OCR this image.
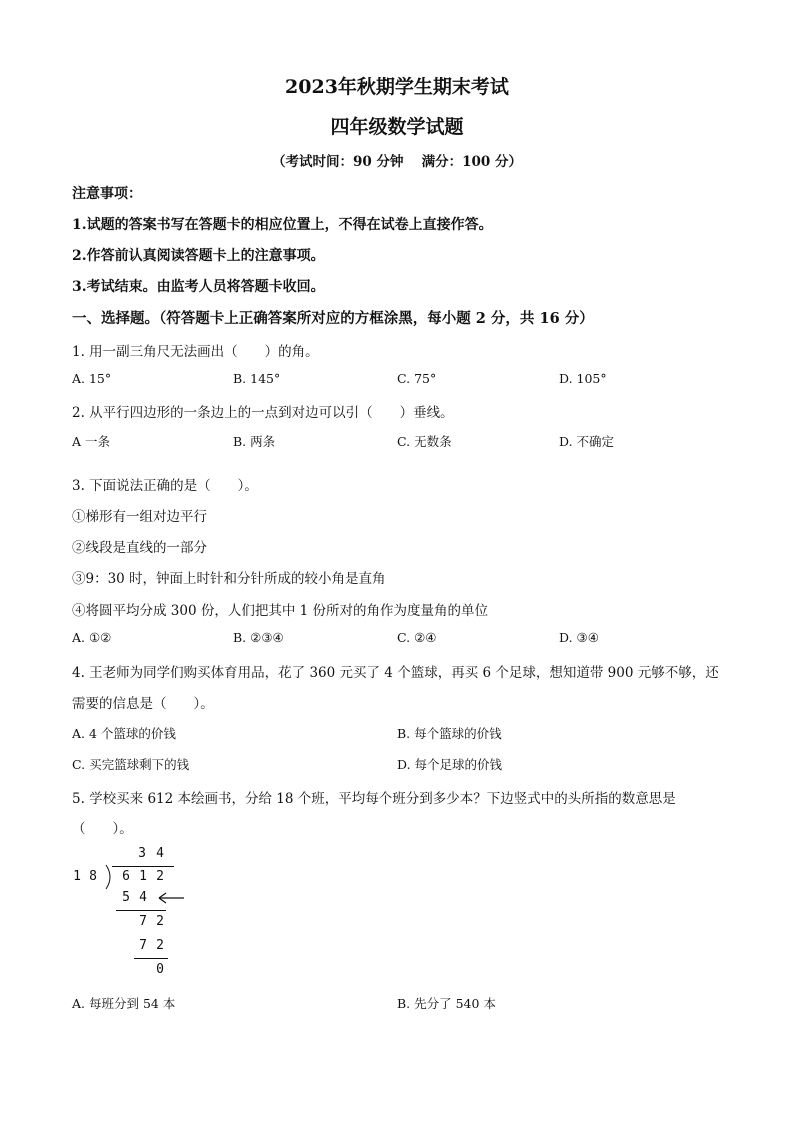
2023年秋期学生期末考试
四年级数学试题
（考试时间：90 分钟　 满分：100 分）
注意事项：
1.试题的答案书写在答题卡的相应位置上，不得在试卷上直接作答。
2.作答前认真阅读答题卡上的注意事项。
3.考试结束。由监考人员将答题卡收回。
一、选择题。（符答题卡上正确答案所对应的方框涂黑，每小题 2 分，共 16 分）
1. 用一副三角尺无法画出（　　）的角。
A. 15°	B. 145°	C. 75°	D. 105°
2. 从平行四边形的一条边上的一点到对边可以引（　　）垂线。
A 一条	B. 两条	C. 无数条	D. 不确定
3. 下面说法正确的是（　　）。
①梯形有一组对边平行
②线段是直线的一部分
③9：30 时，钟面上时针和分针所成的较小角是直角
④将圆平均分成 300 份，人们把其中 1 份所对的角作为度量角的单位
A. ①②	B. ②③④	C. ②④	D. ③④
4. 王老师为同学们购买体育用品，花了 360 元买了 4 个篮球，再买 6 个足球，想知道带 900 元够不够，还
需要的信息是（　　）。
A. 4 个篮球的价钱	B. 每个篮球的价钱
C. 买完篮球剩下的钱	D. 每个足球的价钱
5. 学校买来 612 本绘画书，分给 18 个班，平均每个班分到多少本？下边竖式中的头所指的数意思是
（　　）。
3 4
1 8 6 1 2
5 4
7 2
7 2
0
A. 每班分到 54 本	B. 先分了 540 本
